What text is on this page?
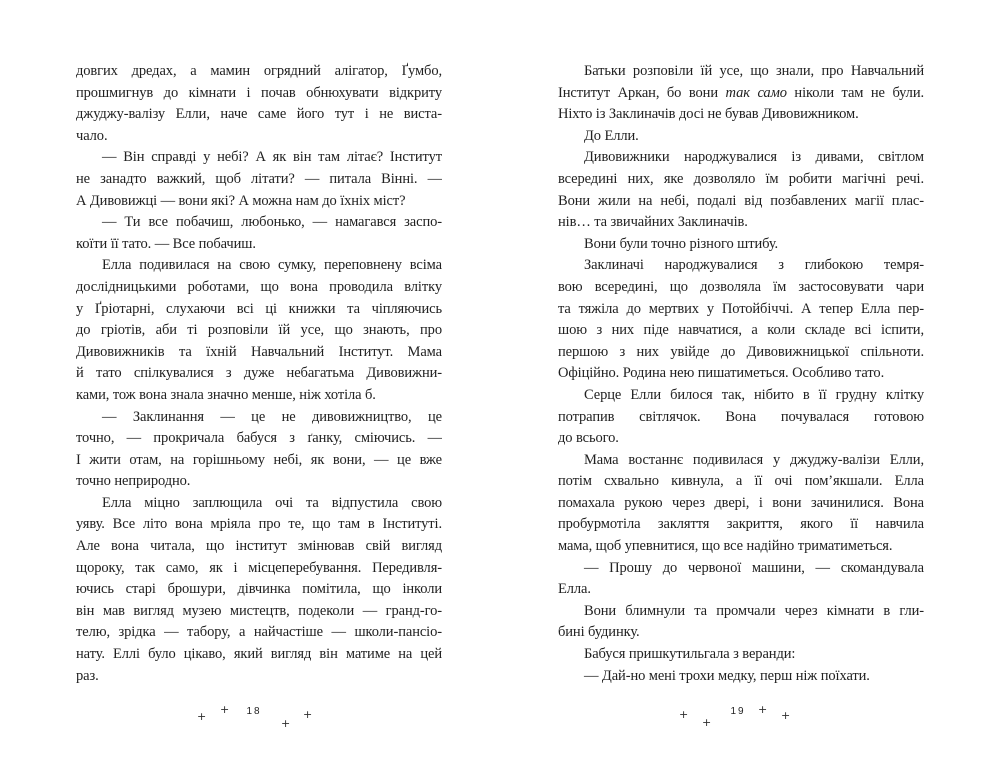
довгих дредах, а мамин огрядний алігатор, Ґумбо,
прошмигнув до кімнати і почав обнюхувати відкриту
джуджу-валізу Елли, наче саме його тут і не виста-
чало.
— Він справді у небі? А як він там літає? Інститут
не занадто важкий, щоб літати? — питала Вінні. —
А Дивовижці — вони які? А можна нам до їхніх міст?
— Ти все побачиш, любонько, — намагався заспо-
коїти її тато. — Все побачиш.
Елла подивилася на свою сумку, переповнену всіма
дослідницькими роботами, що вона проводила влітку
у Ґріотарні, слухаючи всі ці книжки та чіпляючись
до гріотів, аби ті розповіли їй усе, що знають, про
Дивовижників та їхній Навчальний Інститут. Мама
й тато спілкувалися з дуже небагатьма Дивовижни-
ками, тож вона знала значно менше, ніж хотіла б.
— Заклинання — це не дивовижництво, це
точно, — прокричала бабуся з ґанку, сміючись. —
І жити отам, на горішньому небі, як вони, — це вже
точно неприродно.
Елла міцно заплющила очі та відпустила свою
уяву. Все літо вона мріяла про те, що там в Інституті.
Але вона читала, що інститут змінював свій вигляд
щороку, так само, як і місцеперебування. Передивля-
ючись старі брошури, дівчинка помітила, що інколи
він мав вигляд музею мистецтв, подеколи — гранд-го-
телю, зрідка — табору, а найчастіше — школи-пансіо-
нату. Еллі було цікаво, який вигляд він матиме на цей
раз.
Батьки розповіли їй усе, що знали, про Навчальний
Інститут Аркан, бо вони так само ніколи там не були.
Ніхто із Заклиначів досі не бував Дивовижником.
До Елли.
Дивовижники народжувалися із дивами, світлом
всередині них, яке дозволяло їм робити магічні речі.
Вони жили на небі, подалі від позбавлених магії плас-
нів… та звичайних Заклиначів.
Вони були точно різного штибу.
Заклиначі народжувалися з глибокою темря-
вою всередині, що дозволяла їм застосовувати чари
та тяжіла до мертвих у Потойбіччі. А тепер Елла пер-
шою з них піде навчатися, а коли складе всі іспити,
першою з них увійде до Дивовижницької спільноти.
Офіційно. Родина нею пишатиметься. Особливо тато.
Серце Елли билося так, нібито в її грудну клітку
потрапив світлячок. Вона почувалася готовою
до всього.
Мама востаннє подивилася у джуджу-валізи Елли,
потім схвально кивнула, а її очі пом’якшали. Елла
помахала рукою через двері, і вони зачинилися. Вона
пробурмотіла закляття закриття, якого її навчила
мама, щоб упевнитися, що все надійно триматиметься.
— Прошу до червоної машини, — скомандувала
Елла.
Вони блимнули та промчали через кімнати в гли-
бині будинку.
Бабуся пришкутильгала з веранди:
— Дай-но мені трохи медку, перш ніж поїхати.
+
+	18
+
+	+
+
19	+ +
